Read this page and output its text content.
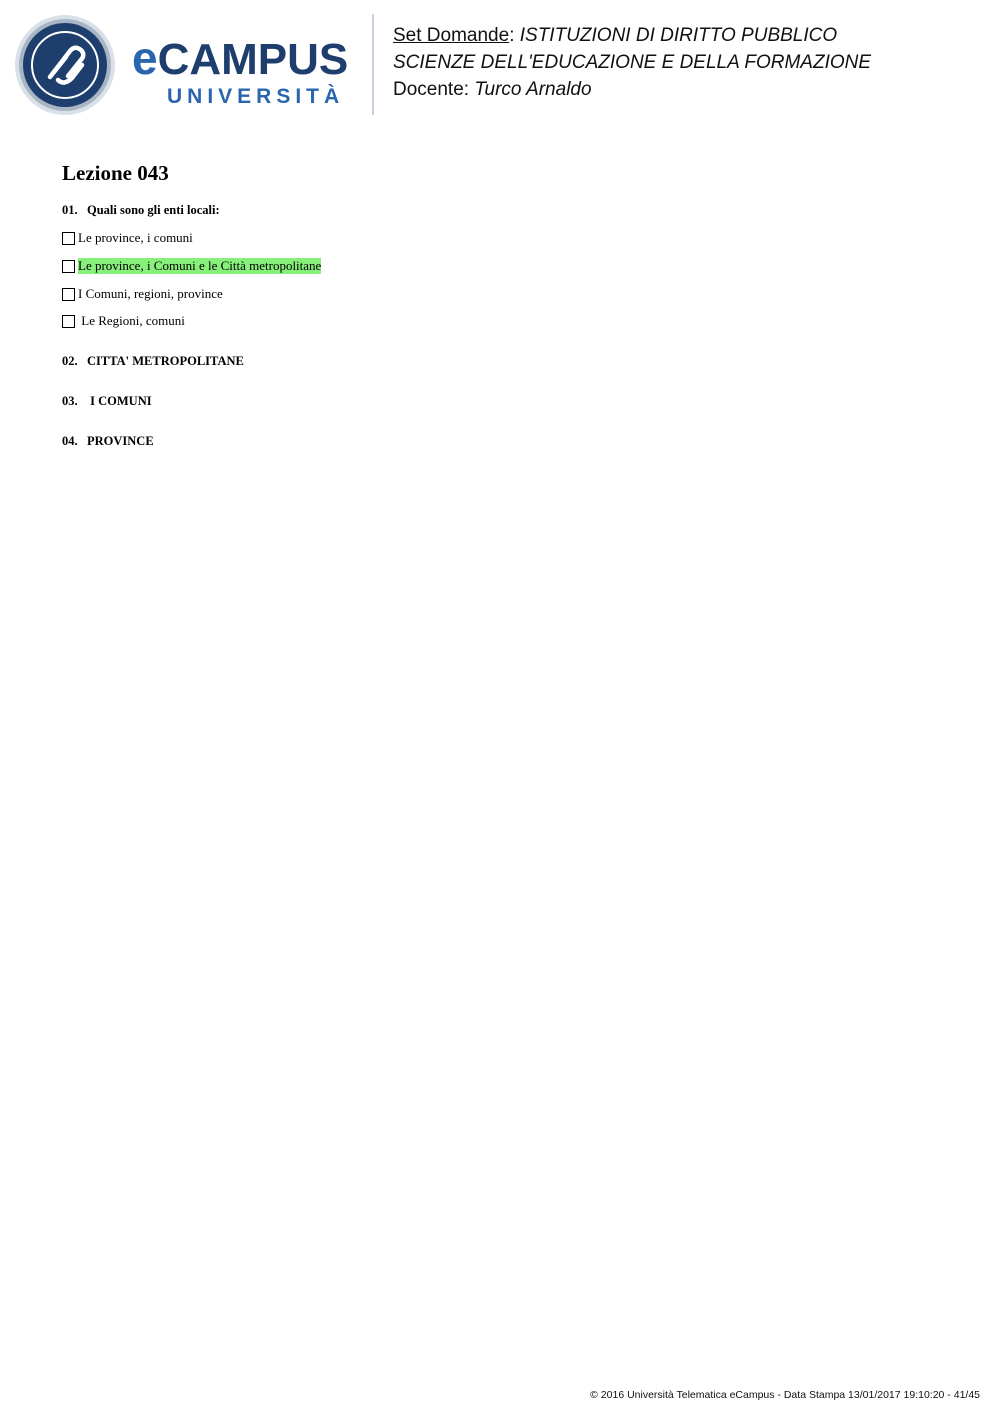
eCAMPUS
UNIVERSITÀ
Set Domande: ISTITUZIONI DI DIRITTO PUBBLICO
SCIENZE DELL'EDUCAZIONE E DELLA FORMAZIONE
Docente: Turco Arnaldo
Lezione 043
01. Quali sono gli enti locali:
Le province, i comuni
Le province, i Comuni e le Città metropolitane
I Comuni, regioni, province
Le Regioni, comuni
02. CITTA' METROPOLITANE
03. I COMUNI
04. PROVINCE
© 2016 Università Telematica eCampus - Data Stampa 13/01/2017 19:10:20 - 41/45
